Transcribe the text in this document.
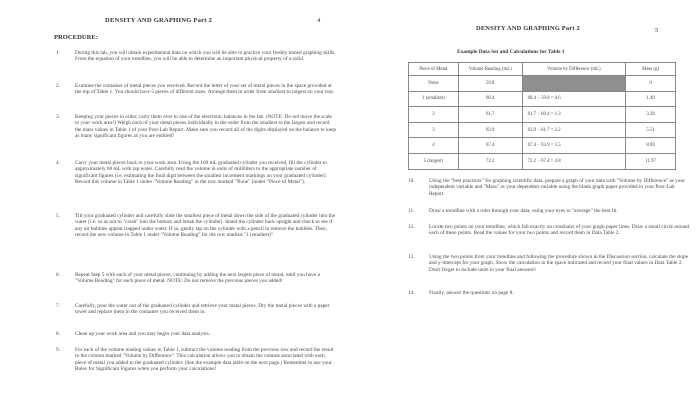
DENSITY AND GRAPHING Part 2	4
PROCEDURE:
1.	During this lab, you will obtain experimental data on which you will be able to practice your freshly honed graphing skills. From the equation of your trendline, you will be able to determine an important physical property of a solid.
2.	Examine the container of metal pieces you received. Record the letter of your set of metal pieces in the space provided at the top of Table 1. You should have 5 pieces of different sizes. Arrange them in order from smallest to largest on your tray.
3.	Keeping your pieces in order, carry them over to one of the electronic balances in the lab. (NOTE: Do not move the scale to your work area!) Weigh each of your metal pieces individually in the order from the smallest to the largest and record the mass values in Table 1 of your Post-Lab Report. Make sure you record all of the digits displayed on the balance to keep as many significant figures as you are entitled!
4.	Carry your metal pieces back to your work area. Using the 100 mL graduated cylinder you received, fill the cylinder to approximately 60 mL with tap water. Carefully read the volume in units of milliliters to the appropriate number of significant figures (i.e. estimating the final digit between the smallest increment markings on your graduated cylinder). Record this volume in Table 1 under "Volume Reading" in the row marked "None" (under "Piece of Metal").
5.	Tilt your graduated cylinder and carefully slide the smallest piece of metal down the side of the graduated cylinder into the water (i.e. so as not to "crash" into the bottom and break the cylinder). Stand the cylinder back upright and check to see if any air bubbles appear trapped under water. If so, gently tap on the cylinder with a pencil to remove the bubbles. Then, record the new volume in Table 1 under "Volume Reading" for the row marked "1 (smallest)".
6.	Repeat Step 5 with each of your metal pieces, continuing by adding the next largest piece of metal, until you have a "Volume Reading" for each piece of metal. NOTE: Do not remove the previous pieces you added!
7.	Carefully, pour the water out of the graduated cylinder and retrieve your metal pieces. Dry the metal pieces with a paper towel and replace them in the container you received them in.
8.	Clean up your work area and you may begin your data analysis.
9.	For each of the volume reading values in Table 1, subtract the volume reading from the previous row and record the result in the column marked "Volume by Difference". This calculation allows you to obtain the volume associated with each piece of metal you added to the graduated cylinder. (See the example data table on the next page.) Remember to use your Rules for Significant Figures when you perform your calculations!
DENSITY AND GRAPHING Part 2	5
Example Data Set and Calculations for Table 1
Piece of Metal	Volume Reading (mL)	Volume by Difference (mL)	Mass (g)
None	59.8		0
1 (smallest)	60.4	60.4 − 59.8 = 0.6	1.49
2	61.7	61.7 − 60.4 = 1.3	3.28
3	63.9	63.9 − 61.7 = 2.2	5.51
4	67.4	67.4 − 63.9 = 3.5	8.69
5 (largest)	72.2	72.2 − 67.4 = 4.8	11.97
10.	Using the "best practices" for graphing scientific data, prepare a graph of your data with "Volume by Difference" as your independent variable and "Mass" as your dependent variable using the blank graph paper provided in your Post-Lab Report.
11.	Draw a trendline with a ruler through your data, using your eyes to "average" the best fit.
12.	Locate two points on your trendline, which fall exactly on crosshairs of your graph paper lines. Draw a small circle around each of these points. Read the values for your two points and record them in Data Table 2.
13.	Using the two points from your trendline and following the procedure shown in the Discussion section, calculate the slope and y-intercept for your graph. Show the calculation in the space indicated and record your final values in Data Table 2. Don't forget to include units in your final answers!
14.	Finally, answer the questions on page 8.
